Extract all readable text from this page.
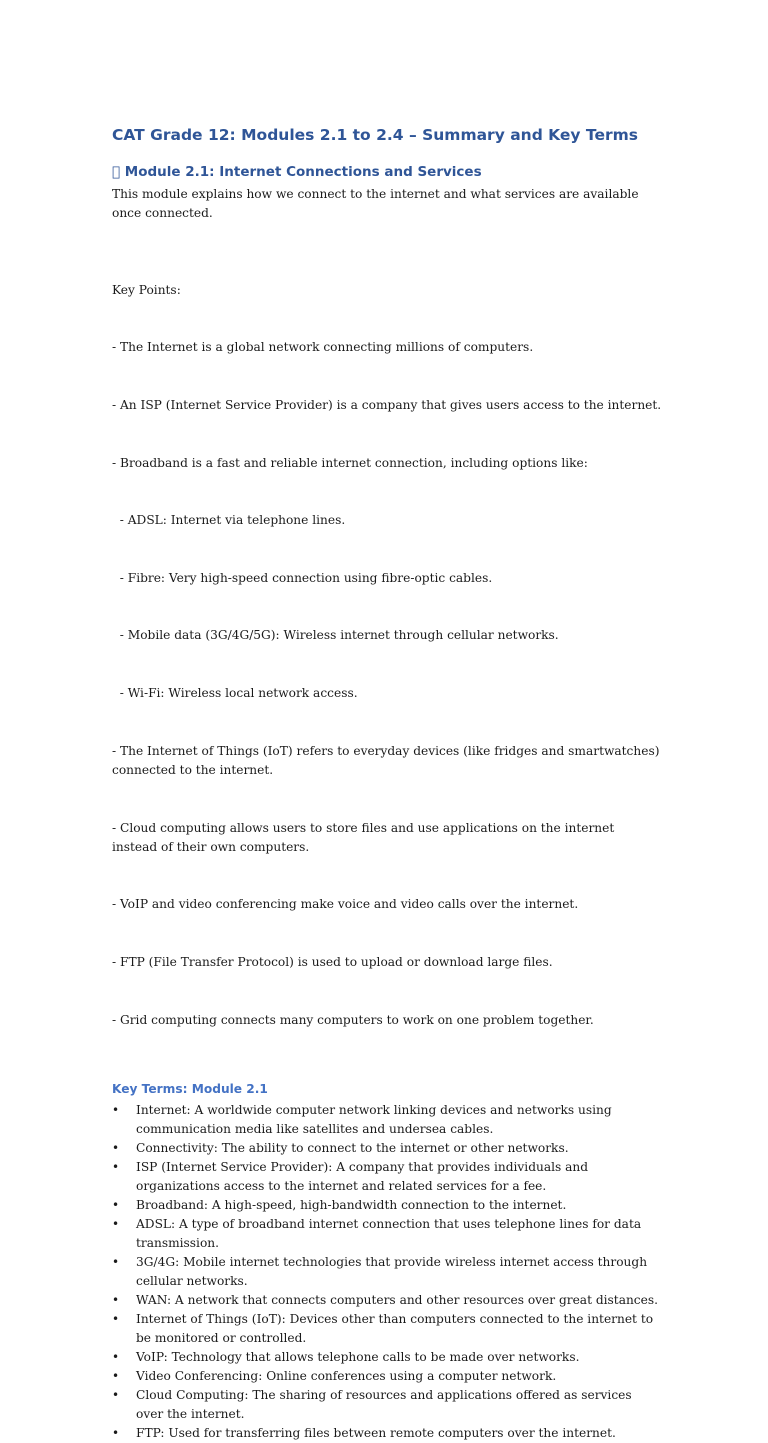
CAT Grade 12: Modules 2.1 to 2.4 – Summary and Key Terms
  Module 2.1: Internet Connections and Services

This module explains how we connect to the internet and what services are available once connected.

Key Points:

- The Internet is a global network connecting millions of computers.

- An ISP (Internet Service Provider) is a company that gives users access to the internet.

- Broadband is a fast and reliable internet connection, including options like:

- ADSL: Internet via telephone lines.

- Fibre: Very high-speed connection using fibre-optic cables.

- Mobile data (3G/4G/5G): Wireless internet through cellular networks.

- Wi-Fi: Wireless local network access.

- The Internet of Things (IoT) refers to everyday devices (like fridges and smartwatches) connected to the internet.

- Cloud computing allows users to store files and use applications on the internet instead of their own computers.

- VoIP and video conferencing make voice and video calls over the internet.

- FTP (File Transfer Protocol) is used to upload or download large files.

- Grid computing connects many computers to work on one problem together.

Key Terms: Module 2.1
• Internet: A worldwide computer network linking devices and networks using communication media like satellites and undersea cables.
• Connectivity: The ability to connect to the internet or other networks.
• ISP (Internet Service Provider): A company that provides individuals and organizations access to the internet and related services for a fee.
• Broadband: A high-speed, high-bandwidth connection to the internet.
• ADSL: A type of broadband internet connection that uses telephone lines for data transmission.
• 3G/4G: Mobile internet technologies that provide wireless internet access through cellular networks.
• WAN: A network that connects computers and other resources over great distances.
• Internet of Things (IoT): Devices other than computers connected to the internet to be monitored or controlled.
• VoIP: Technology that allows telephone calls to be made over networks.
• Video Conferencing: Online conferences using a computer network.
• Cloud Computing: The sharing of resources and applications offered as services over the internet.
• FTP: Used for transferring files between remote computers over the internet.
